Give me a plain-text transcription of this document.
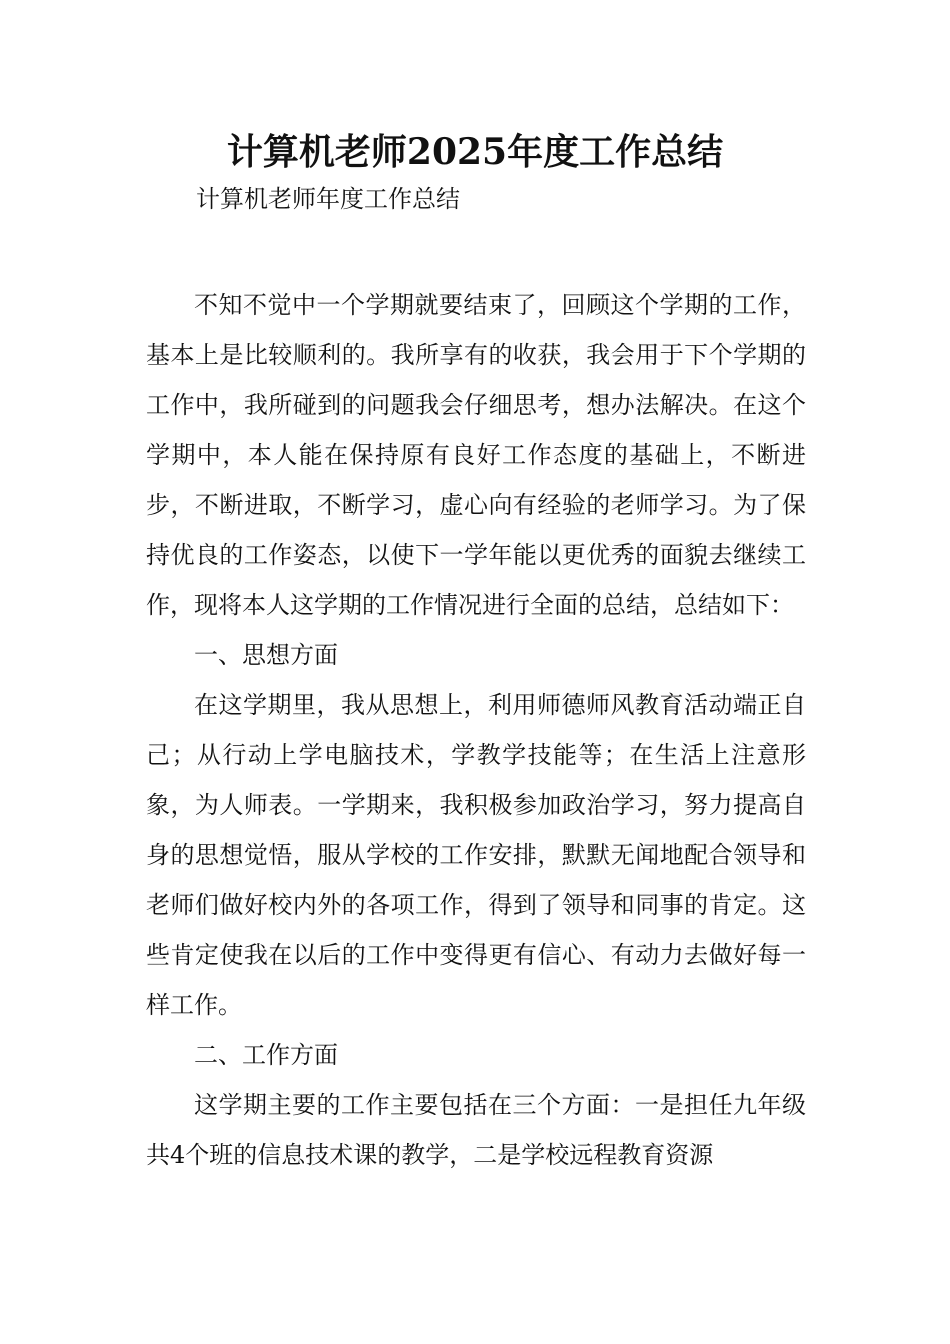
计算机老师2025年度工作总结
计算机老师年度工作总结

不知不觉中一个学期就要结束了，回顾这个学期的工作，基本上是比较顺利的。我所享有的收获，我会用于下个学期的工作中，我所碰到的问题我会仔细思考，想办法解决。在这个学期中，本人能在保持原有良好工作态度的基础上，不断进步，不断进取，不断学习，虚心向有经验的老师学习。为了保持优良的工作姿态，以使下一学年能以更优秀的面貌去继续工作，现将本人这学期的工作情况进行全面的总结，总结如下：

一、思想方面

在这学期里，我从思想上，利用师德师风教育活动端正自己；从行动上学电脑技术，学教学技能等；在生活上注意形象，为人师表。一学期来，我积极参加政治学习，努力提高自身的思想觉悟，服从学校的工作安排，默默无闻地配合领导和老师们做好校内外的各项工作，得到了领导和同事的肯定。这些肯定使我在以后的工作中变得更有信心、有动力去做好每一样工作。

二、工作方面

这学期主要的工作主要包括在三个方面：一是担任九年级共4个班的信息技术课的教学，二是学校远程教育资源
